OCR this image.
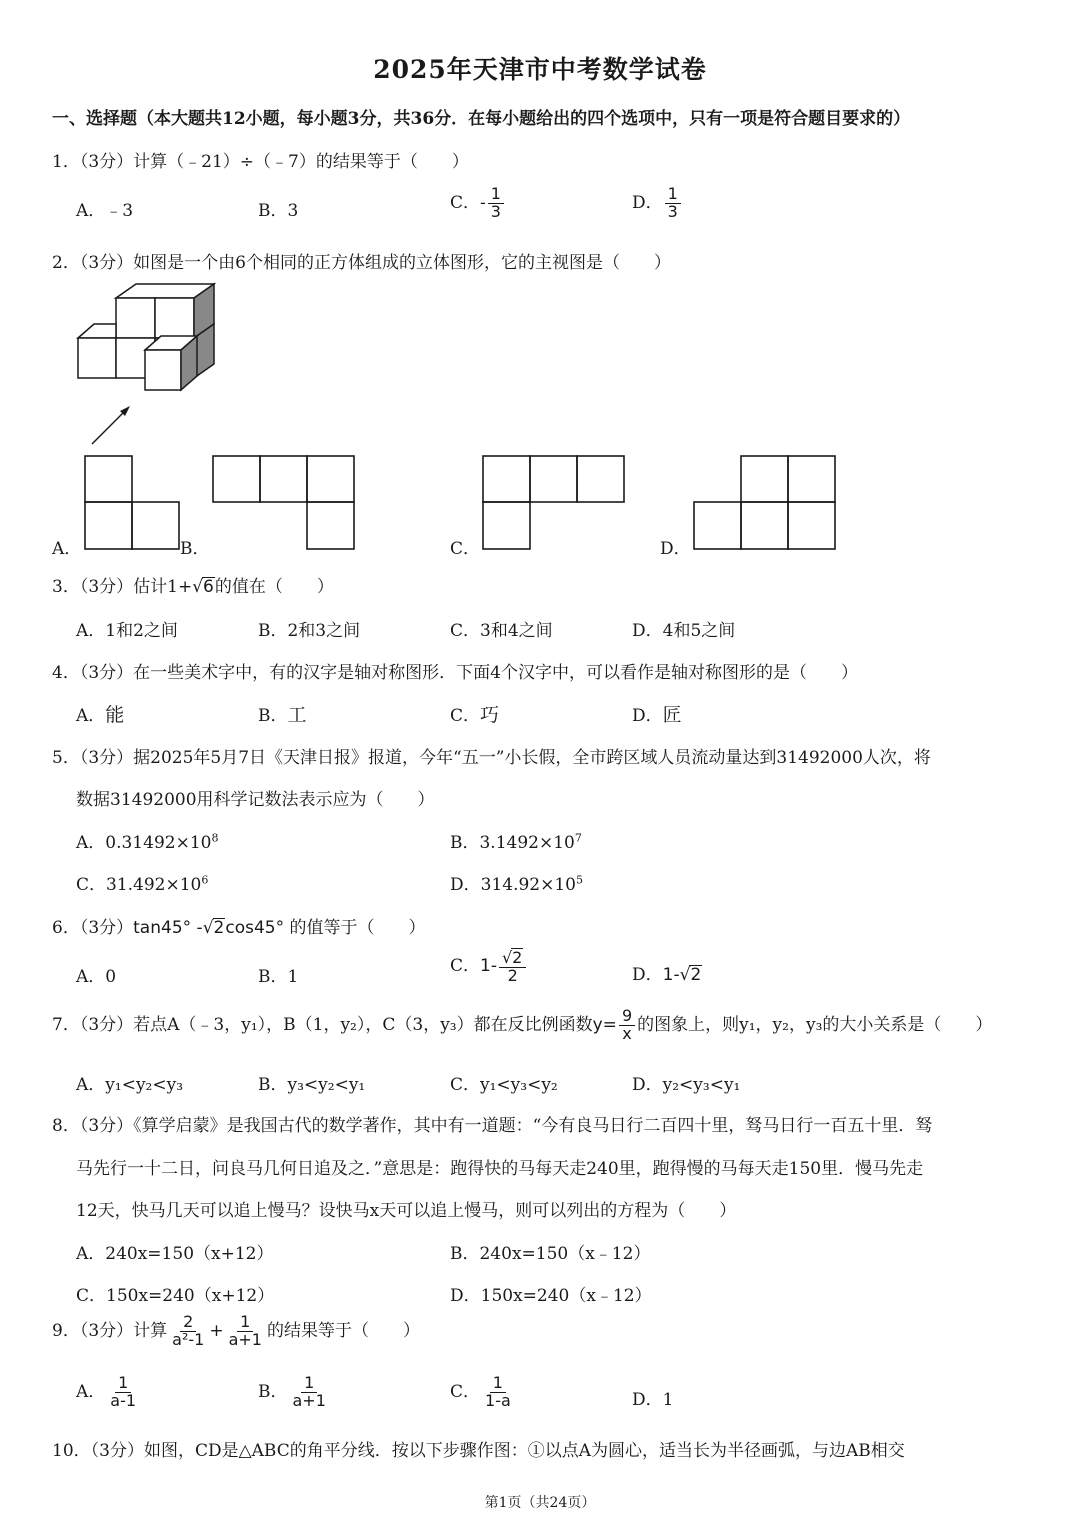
2025年天津市中考数学试卷
一、选择题（本大题共12小题，每小题3分，共36分．在每小题给出的四个选项中，只有一项是符合题目要求的）
1．（3分）计算（﹣21）÷（﹣7）的结果等于（　　）
A．﹣3	B．3	C．- $\frac{1}{3}$	D． $\frac{1}{3}$
2．（3分）如图是一个由6个相同的正方体组成的立体图形，它的主视图是（　　）
A．	B．	C．	D．
3．（3分）估计1+√6的值在（　　）
A．1和2之间	B．2和3之间	C．3和4之间	D．4和5之间
4．（3分）在一些美术字中，有的汉字是轴对称图形．下面4个汉字中，可以看作是轴对称图形的是（　　）
A．能	B．工	C．巧	D．匠
5．（3分）据2025年5月7日《天津日报》报道，今年“五一”小长假，全市跨区域人员流动量达到31492000人次，将
数据31492000用科学记数法表示应为（　　）
A．$0.31492\times 10^8$	B．$3.1492\times 10^7$
C．$31.492\times 10^6$	D．$314.92\times 10^5$
6．（3分）tan45° -√2cos45° 的值等于（　　）
A．0	B．1
C．$1- \frac{√2}{2}$	D．1-√2
7．（3分）若点A（﹣3，y₁），B（1，y₂），C（3，y₃）都在反比例函数$y= \frac{9}{x}$ 的图象上，则y₁，y₂，y₃的大小关系是（　　）
A．y₁<y₂<y₃	B．y₃<y₂<y₁	C．y₁<y₃<y₂	D．y₂<y₃<y₁
8．（3分）《算学启蒙》是我国古代的数学著作，其中有一道题：“今有良马日行二百四十里，驽马日行一百五十里．驽
马先行一十二日，问良马几何日追及之．”意思是：跑得快的马每天走240里，跑得慢的马每天走150里．慢马先走
12天，快马几天可以追上慢马？设快马x天可以追上慢马，则可以列出的方程为（　　）
A．240x=150（x+12）	B．240x=150（x﹣12）
C．150x=240（x+12）	D．150x=240（x﹣12）
9．（3分）计算 $\frac{2}{\text{a²-1}} + \frac{1}{a+1}$ 的结果等于（　　）
A． $\frac{1}{a-1}$	B． $\frac{1}{a+1}$	C． $\frac{1}{1-a}$	D．1
10．（3分）如图，CD是△ABC的角平分线．按以下步骤作图：①以点A为圆心，适当长为半径画弧，与边AB相交
第1页（共24页）
